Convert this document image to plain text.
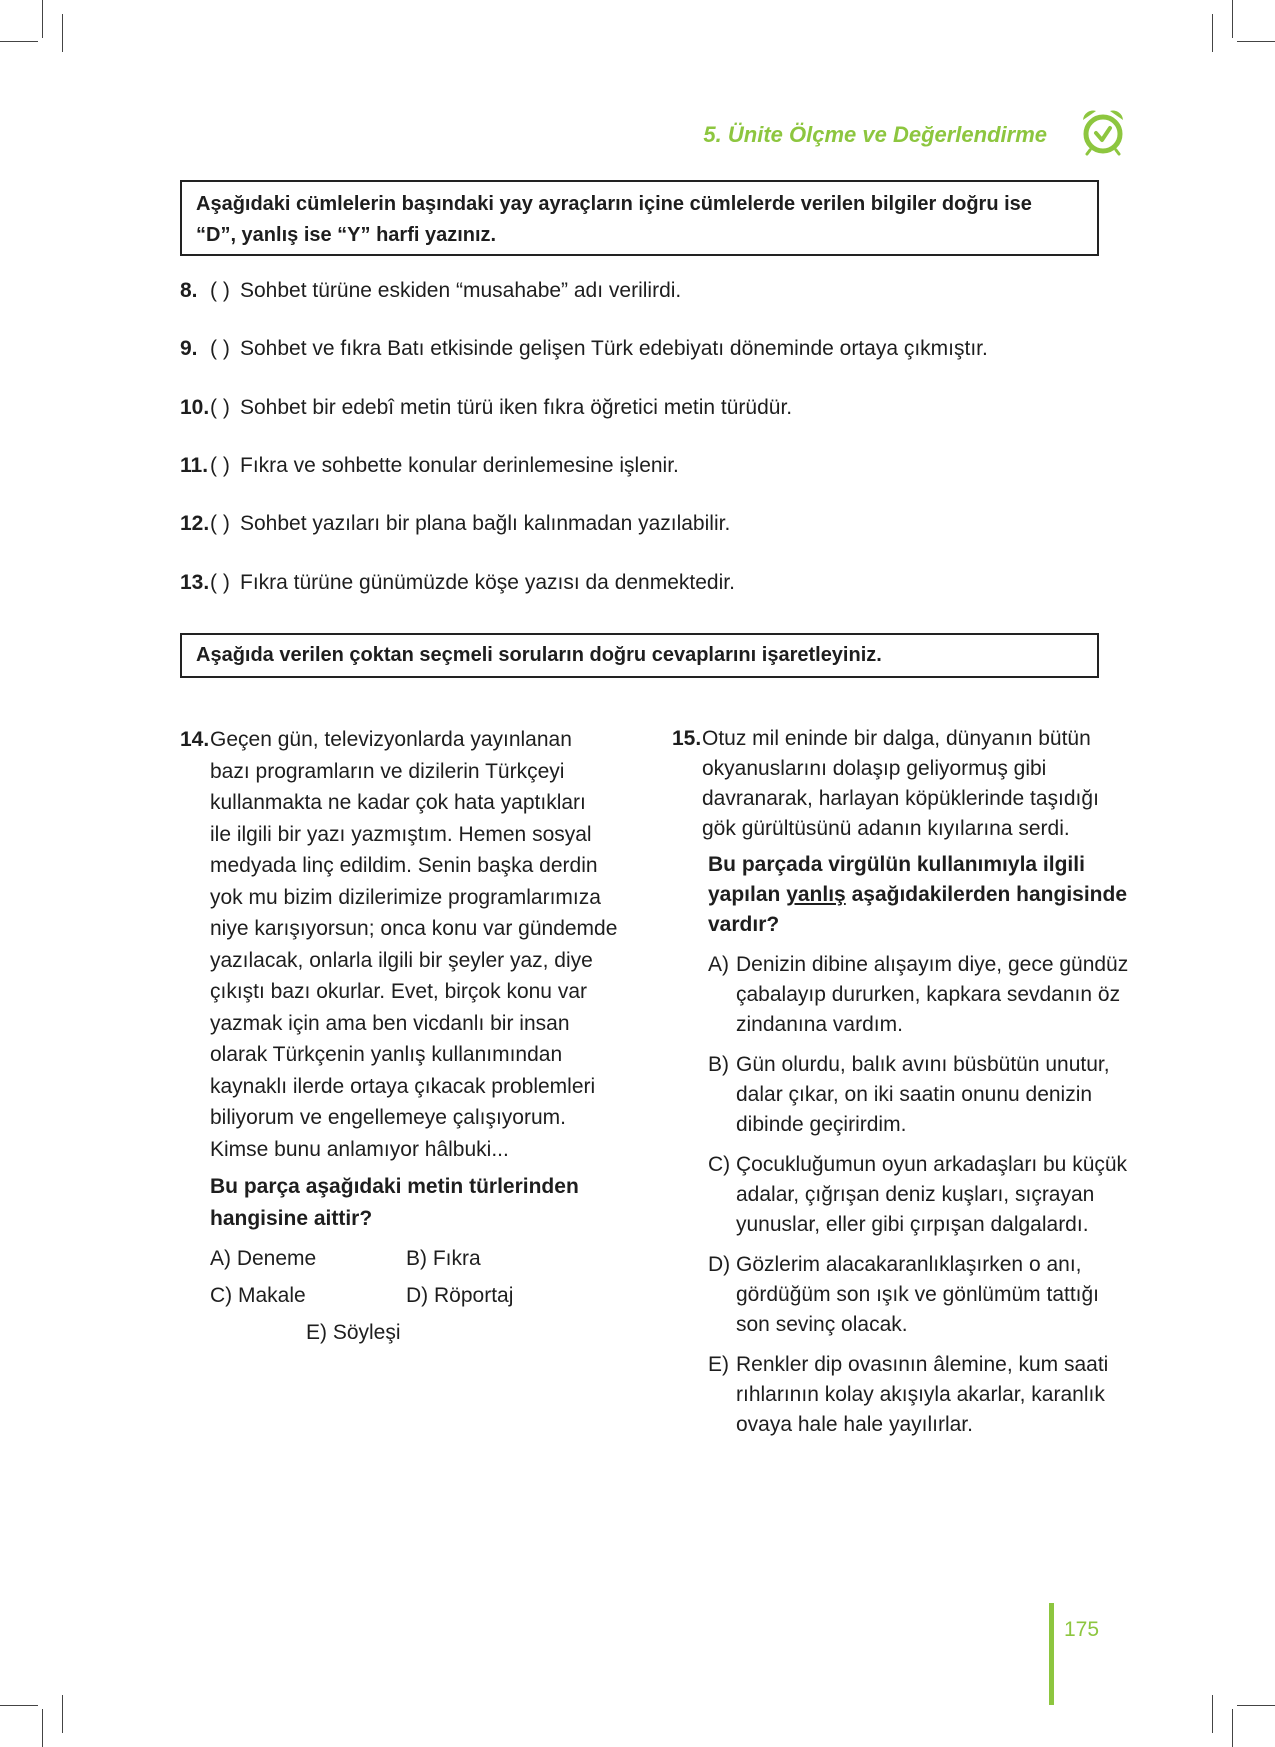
5. Ünite Ölçme ve Değerlendirme
Aşağıdaki cümlelerin başındaki yay ayraçların içine cümlelerde verilen bilgiler doğru ise
“D”, yanlış ise “Y” harfi yazınız.
8. ( ) Sohbet türüne eskiden “musahabe” adı verilirdi.
9. ( ) Sohbet ve fıkra Batı etkisinde gelişen Türk edebiyatı döneminde ortaya çıkmıştır.
10.( ) Sohbet bir edebî metin türü iken fıkra öğretici metin türüdür.
11.( ) Fıkra ve sohbette konular derinlemesine işlenir.
12.( ) Sohbet yazıları bir plana bağlı kalınmadan yazılabilir.
13.( ) Fıkra türüne günümüzde köşe yazısı da denmektedir.
Aşağıda verilen çoktan seçmeli soruların doğru cevaplarını işaretleyiniz.
14. Geçen gün, televizyonlarda yayınlanan
bazı programların ve dizilerin Türkçeyi
kullanmakta ne kadar çok hata yaptıkları
ile ilgili bir yazı yazmıştım. Hemen sosyal
medyada linç edildim. Senin başka derdin
yok mu bizim dizilerimize programlarımıza
niye karışıyorsun; onca konu var gündemde
yazılacak, onlarla ilgili bir şeyler yaz, diye
çıkıştı bazı okurlar. Evet, birçok konu var
yazmak için ama ben vicdanlı bir insan
olarak Türkçenin yanlış kullanımından
kaynaklı ilerde ortaya çıkacak problemleri
biliyorum ve engellemeye çalışıyorum.
Kimse bunu anlamıyor hâlbuki...
Bu parça aşağıdaki metin türlerinden
hangisine aittir?
A) Deneme	B) Fıkra
C) Makale	D) Röportaj
E) Söyleşi
15. Otuz mil eninde bir dalga, dünyanın bütün
okyanuslarını dolaşıp geliyormuş gibi
davranarak, harlayan köpüklerinde taşıdığı
gök gürültüsünü adanın kıyılarına serdi.
Bu parçada virgülün kullanımıyla ilgili
yapılan yanlış aşağıdakilerden hangisinde
vardır?
A) Denizin dibine alışayım diye, gece gündüz
çabalayıp dururken, kapkara sevdanın öz
zindanına vardım.
B) Gün olurdu, balık avını büsbütün unutur,
dalar çıkar, on iki saatin onunu denizin
dibinde geçirirdim.
C) Çocukluğumun oyun arkadaşları bu küçük
adalar, çığrışan deniz kuşları, sıçrayan
yunuslar, eller gibi çırpışan dalgalardı.
D) Gözlerim alacakaranlıklaşırken o anı,
gördüğüm son ışık ve gönlümüm tattığı
son sevinç olacak.
E) Renkler dip ovasının âlemine, kum saati
rıhlarının kolay akışıyla akarlar, karanlık
ovaya hale hale yayılırlar.
175
